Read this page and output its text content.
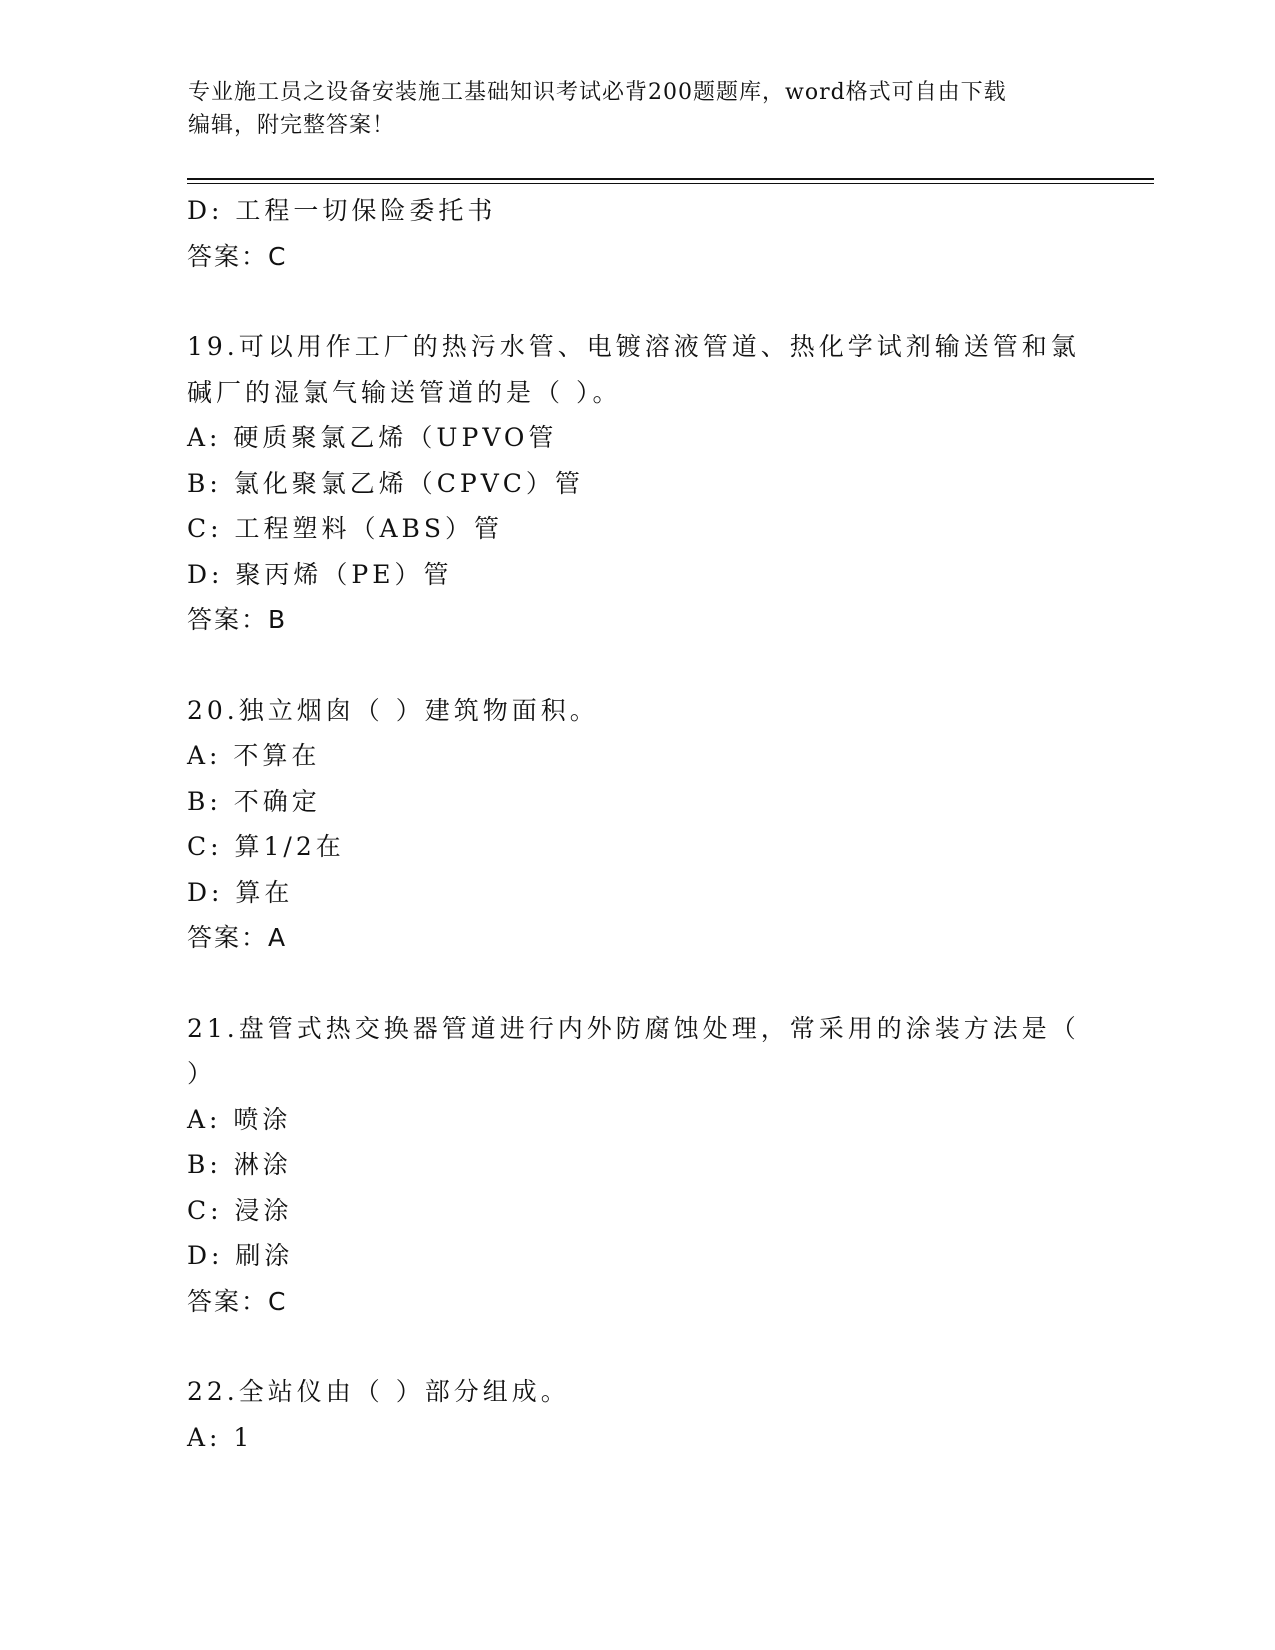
专业施工员之设备安装施工基础知识考试必背200题题库，word格式可自由下载
编辑，附完整答案！
D: 工程一切保险委托书
答案：C
19.可以用作工厂的热污水管、电镀溶液管道、热化学试剂输送管和氯
碱厂的湿氯气输送管道的是（ ）。
A: 硬质聚氯乙烯（UPVO管
B: 氯化聚氯乙烯（CPVC）管
C: 工程塑料（ABS）管
D: 聚丙烯（PE）管
答案：B
20.独立烟囱（ ）建筑物面积。
A: 不算在
B: 不确定
C: 算1/2在
D: 算在
答案：A
21.盘管式热交换器管道进行内外防腐蚀处理，常采用的涂装方法是（
）
A: 喷涂
B: 淋涂
C: 浸涂
D: 刷涂
答案：C
22.全站仪由（ ）部分组成。
A: 1
